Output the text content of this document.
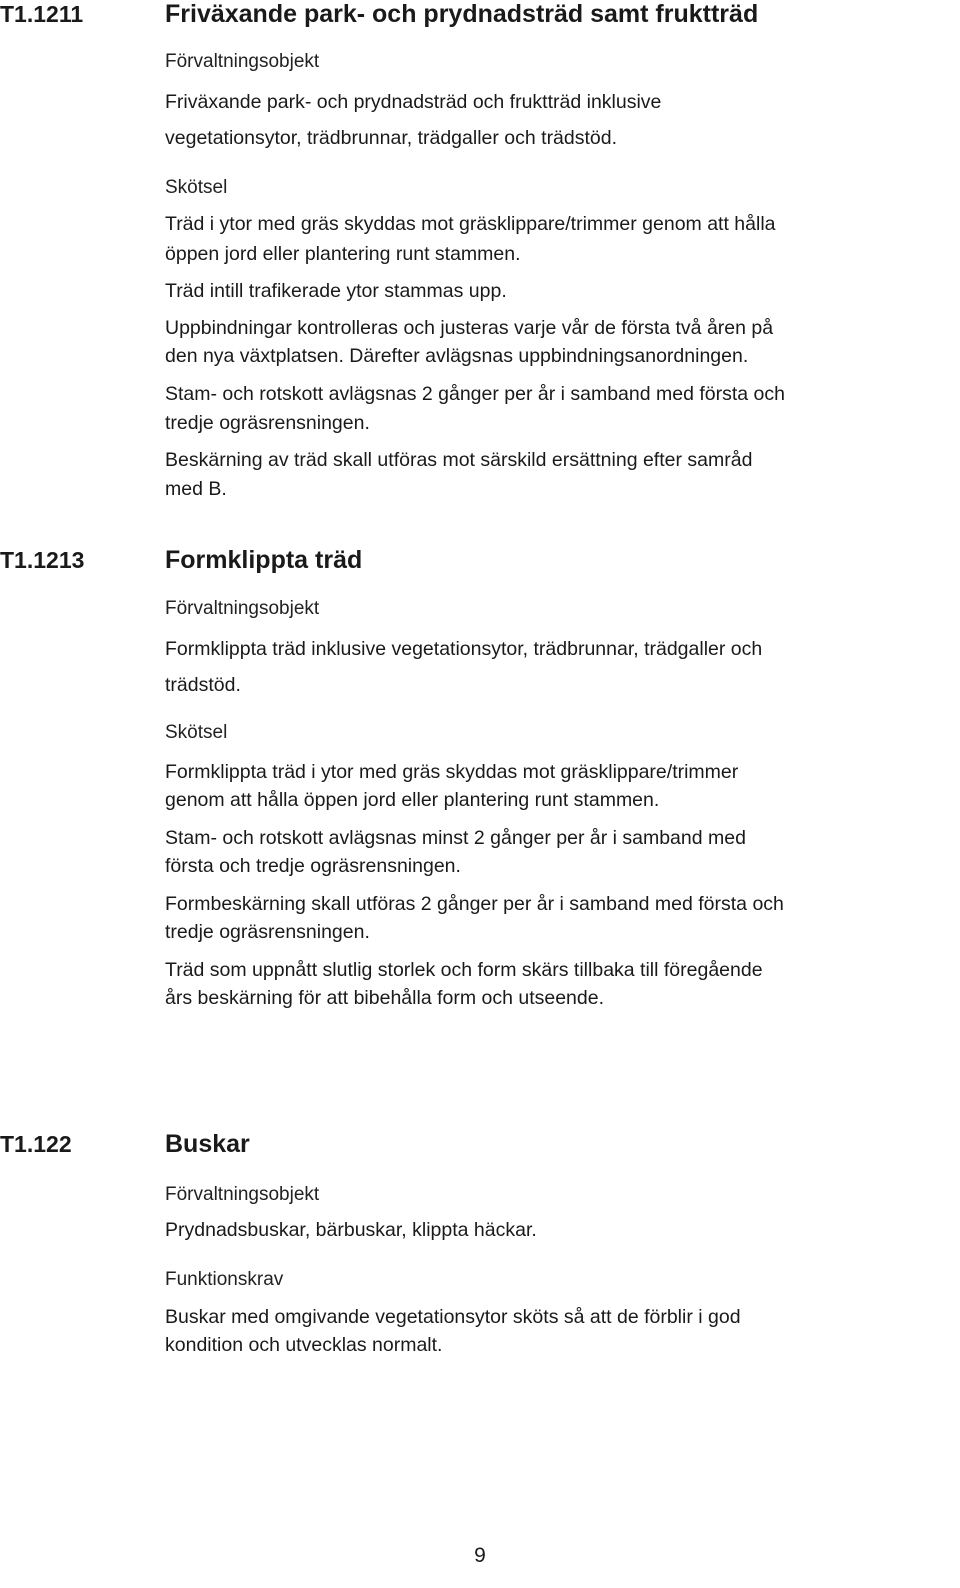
T1.1211	Friväxande park- och prydnadsträd samt fruktträd
Förvaltningsobjekt
Friväxande park- och prydnadsträd och fruktträd inklusive
vegetationsytor, trädbrunnar, trädgaller och trädstöd.
Skötsel
Träd i ytor med gräs skyddas mot gräsklippare/trimmer genom att hålla
öppen jord eller plantering runt stammen.
Träd intill trafikerade ytor stammas upp.
Uppbindningar kontrolleras och justeras varje vår de första två åren på
den nya växtplatsen. Därefter avlägsnas uppbindningsanordningen.
Stam- och rotskott avlägsnas 2 gånger per år i samband med första och
tredje ogräsrensningen.
Beskärning av träd skall utföras mot särskild ersättning efter samråd
med B.
T1.1213	Formklippta träd
Förvaltningsobjekt
Formklippta träd inklusive vegetationsytor, trädbrunnar, trädgaller och
trädstöd.
Skötsel
Formklippta träd i ytor med gräs skyddas mot gräsklippare/trimmer
genom att hålla öppen jord eller plantering runt stammen.
Stam- och rotskott avlägsnas minst 2 gånger per år i samband med
första och tredje ogräsrensningen.
Formbeskärning skall utföras 2 gånger per år i samband med första och
tredje ogräsrensningen.
Träd som uppnått slutlig storlek och form skärs tillbaka till föregående
års beskärning för att bibehålla form och utseende.
T1.122	Buskar
Förvaltningsobjekt
Prydnadsbuskar, bärbuskar, klippta häckar.
Funktionskrav
Buskar med omgivande vegetationsytor sköts så att de förblir i god
kondition och utvecklas normalt.
9
